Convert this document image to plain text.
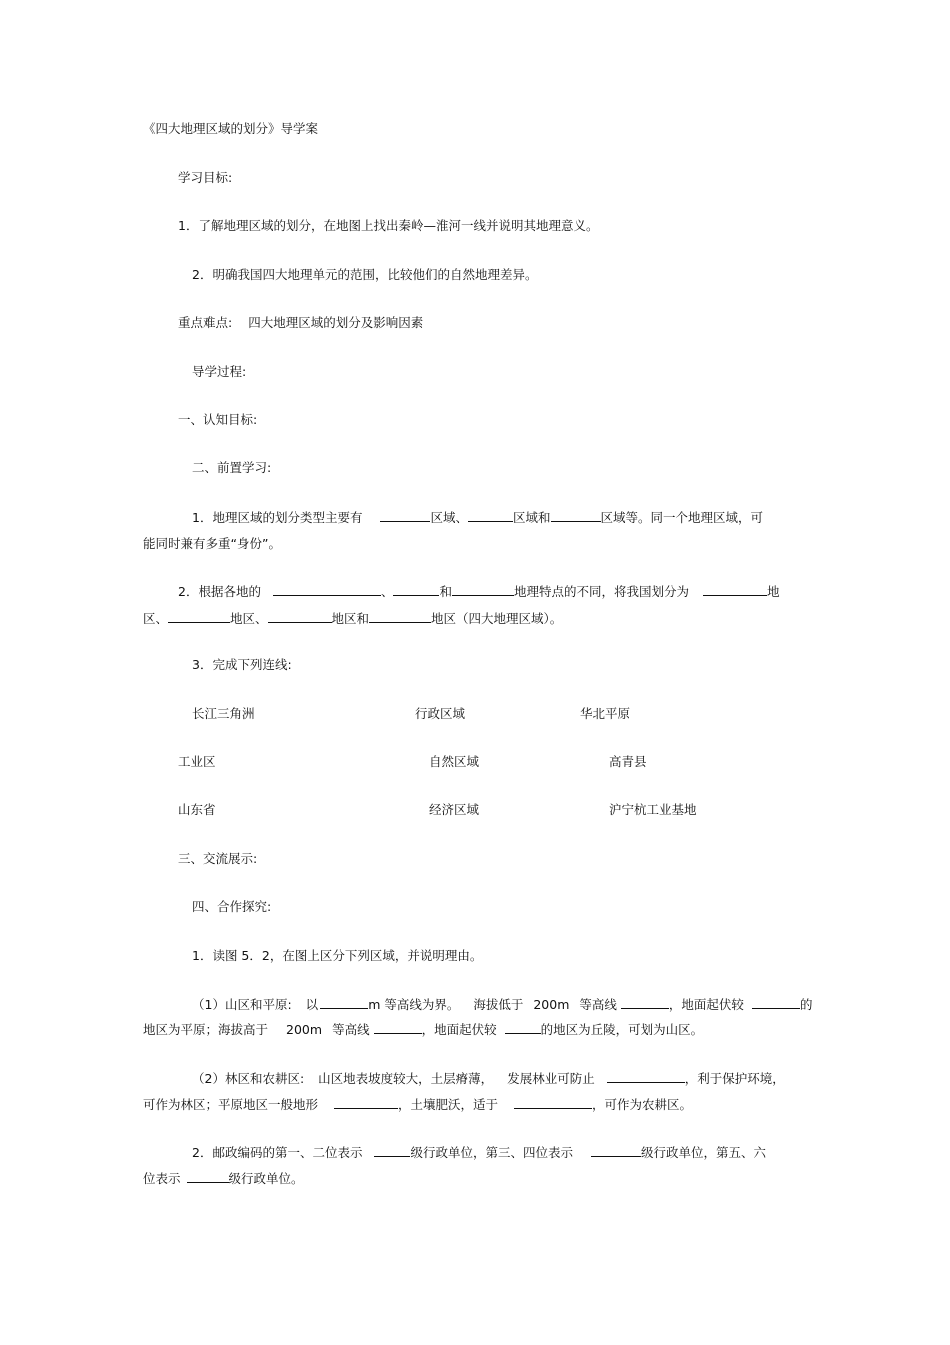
《四大地理区域的划分》导学案
学习目标:
1．了解地理区域的划分，在地图上找出秦岭—淮河一线并说明其地理意义。
2．明确我国四大地理单元的范围，比较他们的自然地理差异。
重点难点: 四大地理区域的划分及影响因素
导学过程:
一、认知目标:
二、前置学习:
1．地理区域的划分类型主要有	区域、	区域和	区域等。同一个地理区域，可
能同时兼有多重“身份”。
2．根据各地的	、	和	地理特点的不同，将我国划分为	地
区、	地区、	地区和	地区（四大地理区域）。
3．完成下列连线:
长江三角洲	行政区域	华北平原
工业区	自然区域	高青县
山东省	经济区域	沪宁杭工业基地
三、交流展示:
四、合作探究:
1．读图 5．2，在图上区分下列区域，并说明理由。
（1）山区和平原: 以	m 等高线为界。 海拔低于 200m 等高线	，地面起伏较	的
地区为平原；海拔高于 200m 等高线	，地面起伏较	的地区为丘陵，可划为山区。
（2）林区和农耕区: 山区地表坡度较大，土层瘠薄， 发展林业可防止	，利于保护环境，
可作为林区；平原地区一般地形	，土壤肥沃，适于	，可作为农耕区。
2．邮政编码的第一、二位表示	级行政单位，第三、四位表示	级行政单位，第五、六
位表示	级行政单位。
